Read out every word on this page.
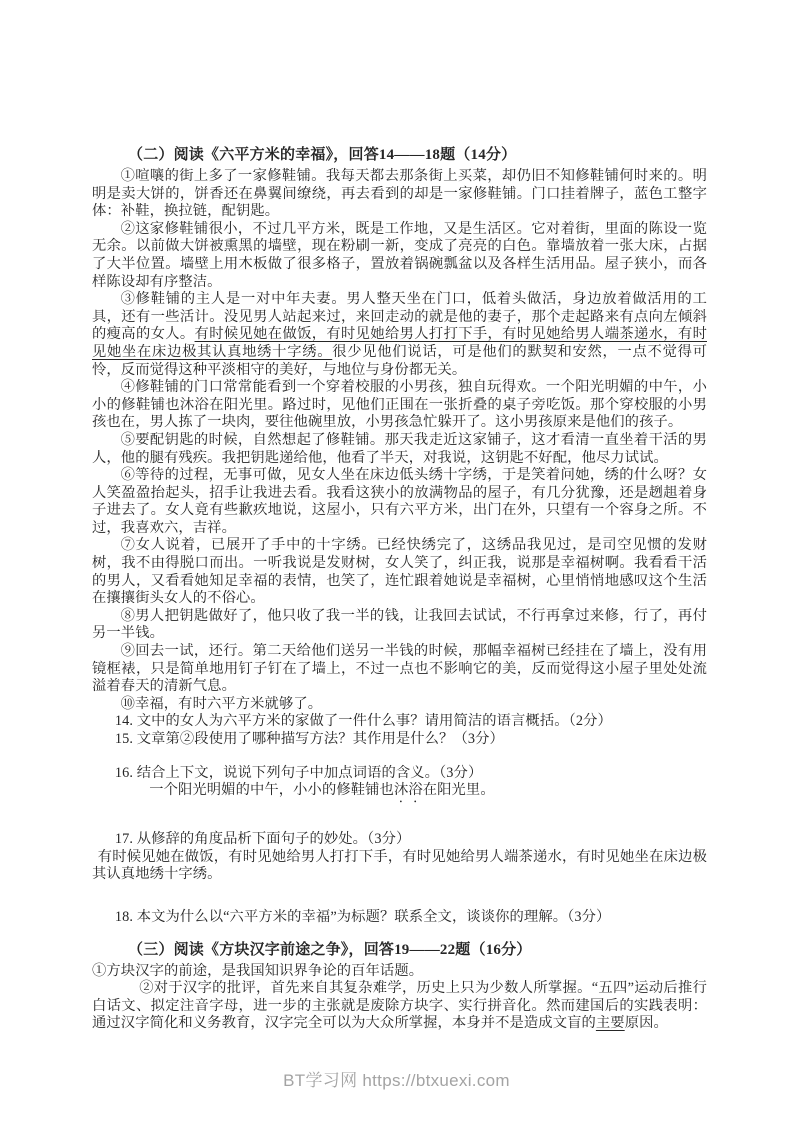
（二）阅读《六平方米的幸福》，回答14——18题（14分）

①喧嚷的街上多了一家修鞋铺。我每天都去那条街上买菜，却仍旧不知修鞋铺何时来的。明明是卖大饼的，饼香还在鼻翼间缭绕，再去看到的却是一家修鞋铺。门口挂着牌子，蓝色工整字体：补鞋，换拉链，配钥匙。

②这家修鞋铺很小，不过几平方米，既是工作地，又是生活区。它对着街，里面的陈设一览无余。以前做大饼被熏黑的墙壁，现在粉刷一新，变成了亮亮的白色。靠墙放着一张大床，占据了大半位置。墙壁上用木板做了很多格子，置放着锅碗瓢盆以及各样生活用品。屋子狭小，而各样陈设却有序整洁。

③修鞋铺的主人是一对中年夫妻。男人整天坐在门口，低着头做活，身边放着做活用的工具，还有一些活计。没见男人站起来过，来回走动的就是他的妻子，那个走起路来有点向左倾斜的瘦高的女人。有时候见她在做饭，有时见她给男人打打下手，有时见她给男人端茶递水，有时见她坐在床边极其认真地绣十字绣。很少见他们说话，可是他们的默契和安然，一点不觉得可怜，反而觉得这种平淡相守的美好，与地位与身份都无关。

④修鞋铺的门口常常能看到一个穿着校服的小男孩，独自玩得欢。一个阳光明媚的中午，小小的修鞋铺也沐浴在阳光里。路过时，见他们正围在一张折叠的桌子旁吃饭。那个穿校服的小男孩也在，男人拣了一块肉，要往他碗里放，小男孩急忙躲开了。这小男孩原来是他们的孩子。

⑤要配钥匙的时候，自然想起了修鞋铺。那天我走近这家铺子，这才看清一直坐着干活的男人，他的腿有残疾。我把钥匙递给他，他看了半天，对我说，这钥匙不好配，他尽力试试。

⑥等待的过程，无事可做，见女人坐在床边低头绣十字绣，于是笑着问她，绣的什么呀？女人笑盈盈抬起头，招手让我进去看。我看这狭小的放满物品的屋子，有几分犹豫，还是趔趄着身子进去了。女人竟有些歉疚地说，这屋小，只有六平方米，出门在外，只望有一个容身之所。不过，我喜欢六，吉祥。

⑦女人说着，已展开了手中的十字绣。已经快绣完了，这绣品我见过，是司空见惯的发财树，我不由得脱口而出。一听我说是发财树，女人笑了，纠正我，说那是幸福树啊。我看看干活的男人，又看看她知足幸福的表情，也笑了，连忙跟着她说是幸福树，心里悄悄地感叹这个生活在攘攘街头女人的不俗心。

⑧男人把钥匙做好了，他只收了我一半的钱，让我回去试试，不行再拿过来修，行了，再付另一半钱。

⑨回去一试，还行。第二天给他们送另一半钱的时候，那幅幸福树已经挂在了墙上，没有用镜框裱，只是简单地用钉子钉在了墙上，不过一点也不影响它的美，反而觉得这小屋子里处处流溢着春天的清新气息。

⑩幸福，有时六平方米就够了。

14. 文中的女人为六平方米的家做了一件什么事？请用简洁的语言概括。（2分）

15. 文章第②段使用了哪种描写方法？其作用是什么？（3分）

16. 结合上下文，说说下列句子中加点词语的含义。（3分）

一个阳光明媚的中午，小小的修鞋铺也沐浴在阳光里。

17. 从修辞的角度品析下面句子的妙处。（3分）

有时候见她在做饭，有时见她给男人打打下手，有时见她给男人端茶递水，有时见她坐在床边极其认真地绣十字绣。

18. 本文为什么以“六平方米的幸福”为标题？联系全文，谈谈你的理解。（3分）

（三）阅读《方块汉字前途之争》，回答19——22题（16分）

①方块汉字的前途，是我国知识界争论的百年话题。

②对于汉字的批评，首先来自其复杂难学，历史上只为少数人所掌握。“五四”运动后推行白话文、拟定注音字母，进一步的主张就是废除方块字、实行拼音化。然而建国后的实践表明：通过汉字简化和义务教育，汉字完全可以为大众所掌握，本身并不是造成文盲的主要原因。

BT学习网 https://btxuexi.com
